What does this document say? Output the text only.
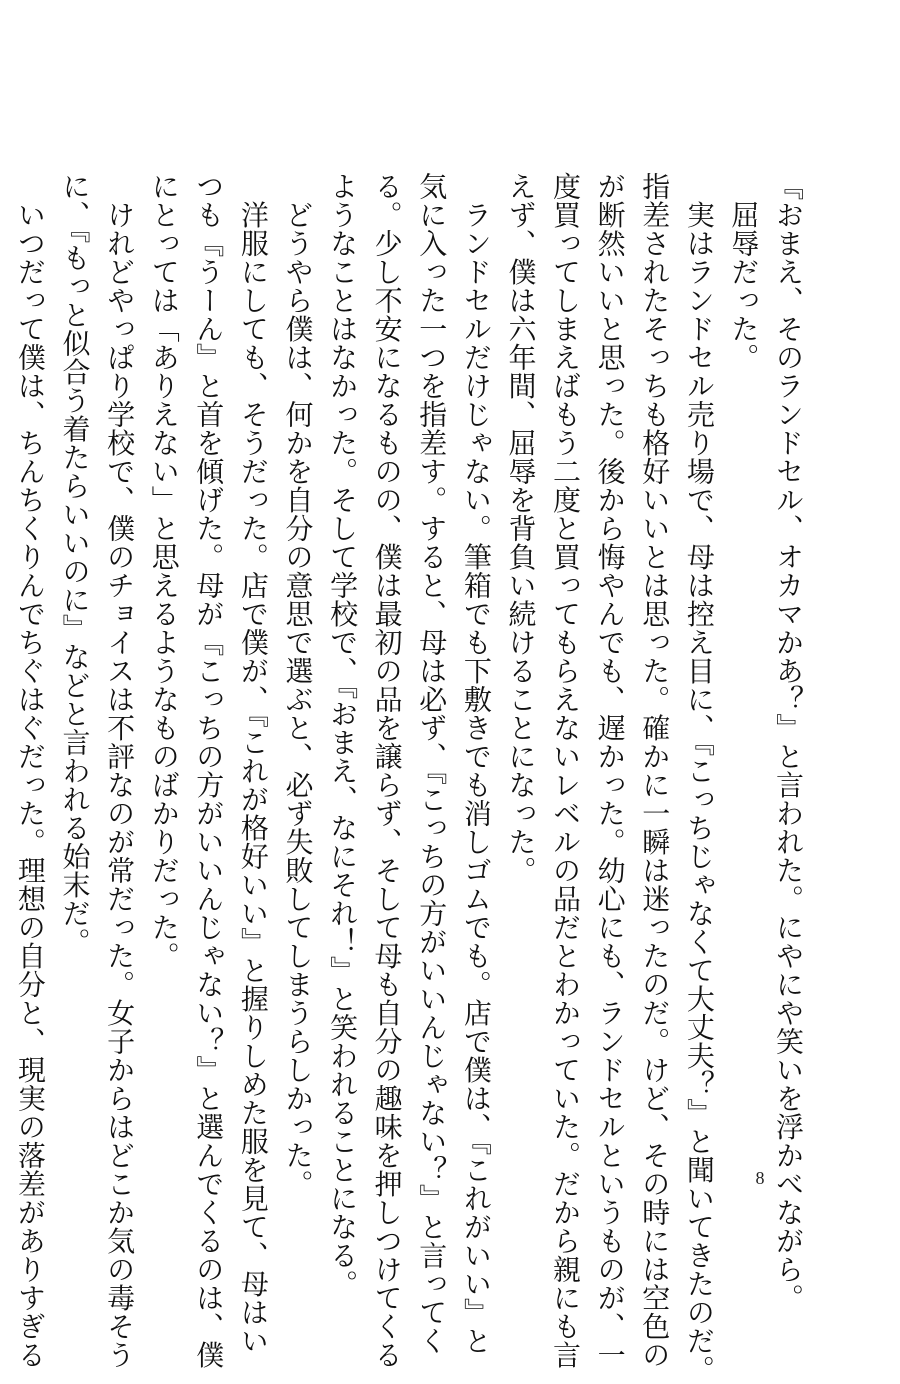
『おまえ、そのランドセル、オカマかあ？』と言われた。にやにや笑いを浮かべながら。
　屈辱だった。
　実はランドセル売り場で、母は控え目に、『こっちじゃなくて大丈夫？』と聞いてきたのだ。
指差されたそっちも格好いいとは思った。確かに一瞬は迷ったのだ。けど、その時には空色の
が断然いいと思った。後から悔やんでも、遅かった。幼心にも、ランドセルというものが、一
度買ってしまえばもう二度と買ってもらえないレベルの品だとわかっていた。だから親にも言
えず、僕は六年間、屈辱を背負い続けることになった。
　ランドセルだけじゃない。筆箱でも下敷きでも消しゴムでも。店で僕は、『これがいい』と
気に入った一つを指差す。すると、母は必ず、『こっちの方がいいんじゃない？』と言ってく
る。少し不安になるものの、僕は最初の品を譲らず、そして母も自分の趣味を押しつけてくる
ようなことはなかった。そして学校で、『おまえ、なにそれ！』と笑われることになる。
　どうやら僕は、何かを自分の意思で選ぶと、必ず失敗してしまうらしかった。
　洋服にしても、そうだった。店で僕が、『これが格好いい』と握りしめた服を見て、母はい
つも『うーん』と首を傾げた。母が『こっちの方がいいんじゃない？』と選んでくるのは、僕
にとっては「ありえない」と思えるようなものばかりだった。
　けれどやっぱり学校で、僕のチョイスは不評なのが常だった。女子からはどこか気の毒そう
に、『もっと似合う着たらいいのに』などと言われる始末だ。
　いつだって僕は、ちんちくりんでちぐはぐだった。理想の自分と、現実の落差がありすぎる	8
